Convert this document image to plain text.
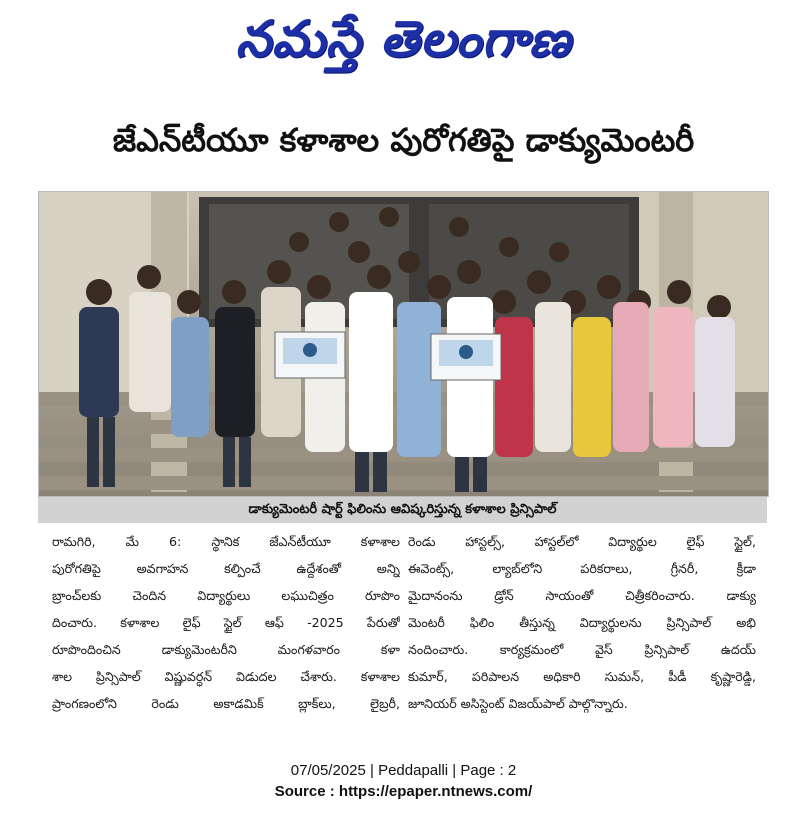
నమస్తే తెలంగాణ
జేఎన్‌టీయూ కళాశాల పురోగతిపై డాక్యుమెంటరీ
డాక్యుమెంటరీ షార్ట్ ఫిలింను ఆవిష్కరిస్తున్న కళాశాల ప్రిన్సిపాల్
రామగిరి, మే 6: స్థానిక జేఎన్‌టీయూ కళాశాల
పురోగతిపై అవగాహన కల్పించే ఉద్దేశంతో అన్ని
బ్రాంచ్‌లకు చెందిన విద్యార్థులు లఘుచిత్రం రూపొం
దించారు. కళాశాల లైఫ్ స్టైల్ ఆఫ్ -2025 పేరుతో
రూపొందించిన డాక్యుమెంటరీని మంగళవారం కళా
శాల ప్రిన్సిపాల్ విష్ణువర్ధన్ విడుదల చేశారు. కళాశాల
ప్రాంగణంలోని రెండు అకాడమిక్ బ్లాక్‌లు, లైబ్రరీ,
రెండు హాస్టల్స్, హాస్టల్‌లో విద్యార్థుల లైఫ్ స్టైల్,
ఈవెంట్స్, ల్యాబ్‌లోని పరికరాలు, గ్రీనరీ, క్రీడా
మైదానంను డ్రోన్ సాయంతో చిత్రీకరించారు. డాక్యు
మెంటరీ ఫిలిం తీస్తున్న విద్యార్థులను ప్రిన్సిపాల్ అభి
నందించారు. కార్యక్రమంలో వైస్ ప్రిన్సిపాల్ ఉదయ్
కుమార్, పరిపాలన అధికారి సుమన్, పీడీ కృష్ణారెడ్డి,
జూనియర్ అసిస్టెంట్ విజయ్‌పాల్ పాల్గొన్నారు.
07/05/2025 | Peddapalli | Page : 2
Source : https://epaper.ntnews.com/
